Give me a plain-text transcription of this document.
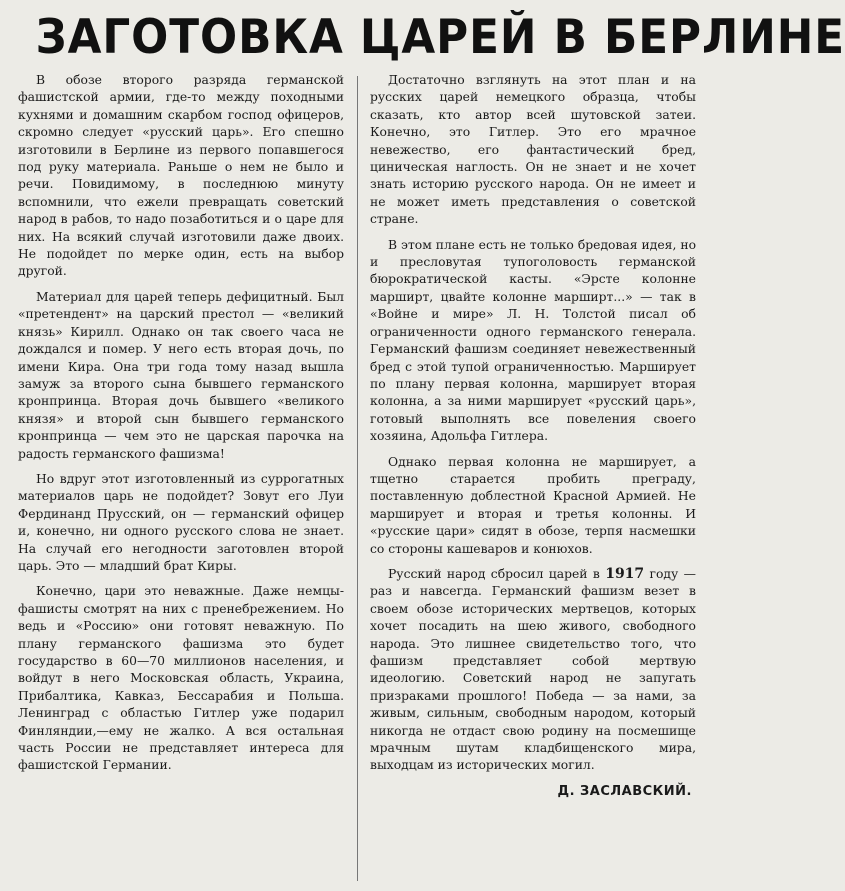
ЗАГОТОВКА ЦАРЕЙ В БЕРЛИНЕ

В обозе второго разряда германской фашистской армии, где-то между походными кухнями и домашним скарбом господ офицеров, скромно следует «русский царь». Его спешно изготовили в Берлине из первого попавшегося под руку материала. Раньше о нем не было и речи. Повидимому, в последнюю минуту вспомнили, что ежели превращать советский народ в рабов, то надо позаботиться и о царе для них. На всякий случай изготовили даже двоих. Не подойдет по мерке один, есть на выбор другой.

Материал для царей теперь дефицитный. Был «претендент» на царский престол — «великий князь» Кирилл. Однако он так своего часа не дождался и помер. У него есть вторая дочь, по имени Кира. Она три года тому назад вышла замуж за второго сына бывшего германского кронпринца. Вторая дочь бывшего «великого князя» и второй сын бывшего германского кронпринца — чем это не царская парочка на радость германского фашизма!

Но вдруг этот изготовленный из суррогатных материалов царь не подойдет? Зовут его Луи Фердинанд Прусский, он — германский офицер и, конечно, ни одного русского слова не знает. На случай его негодности заготовлен второй царь. Это — младший брат Киры.

Конечно, цари это неважные. Даже немцы-фашисты смотрят на них с пренебрежением. Но ведь и «Россию» они готовят неважную. По плану германского фашизма это будет государство в 60—70 миллионов населения, и войдут в него Московская область, Украина, Прибалтика, Кавказ, Бессарабия и Польша. Ленинград с областью Гитлер уже подарил Финляндии,—ему не жалко. А вся остальная часть России не представляет интереса для фашистской Германии.

Достаточно взглянуть на этот план и на русских царей немецкого образца, чтобы сказать, кто автор всей шутовской затеи. Конечно, это Гитлер. Это его мрачное невежество, его фантастический бред, циническая наглость. Он не знает и не хочет знать историю русского народа. Он не имеет и не может иметь представления о советской стране.

В этом плане есть не только бредовая идея, но и пресловутая тупоголовость германской бюрократической касты. «Эрсте колонне марширт, цвайте колонне марширт...» — так в «Войне и мире» Л. Н. Толстой писал об ограниченности одного германского генерала. Германский фашизм соединяет невежественный бред с этой тупой ограниченностью. Марширует по плану первая колонна, марширует вторая колонна, а за ними марширует «русский царь», готовый выполнять все повеления своего хозяина, Адольфа Гитлера.

Однако первая колонна не марширует, а тщетно старается пробить преграду, поставленную доблестной Красной Армией. Не марширует и вторая и третья колонны. И «русские цари» сидят в обозе, терпя насмешки со стороны кашеваров и конюхов.

Русский народ сбросил царей в 1917 году — раз и навсегда. Германский фашизм везет в своем обозе исторических мертвецов, которых хочет посадить на шею живого, свободного народа. Это лишнее свидетельство того, что фашизм представляет собой мертвую идеологию. Советский народ не запугать призраками прошлого! Победа — за нами, за живым, сильным, свободным народом, который никогда не отдаст свою родину на посмешище мрачным шутам кладбищенского мира, выходцам из исторических могил.

Д. ЗАСЛАВСКИЙ.
